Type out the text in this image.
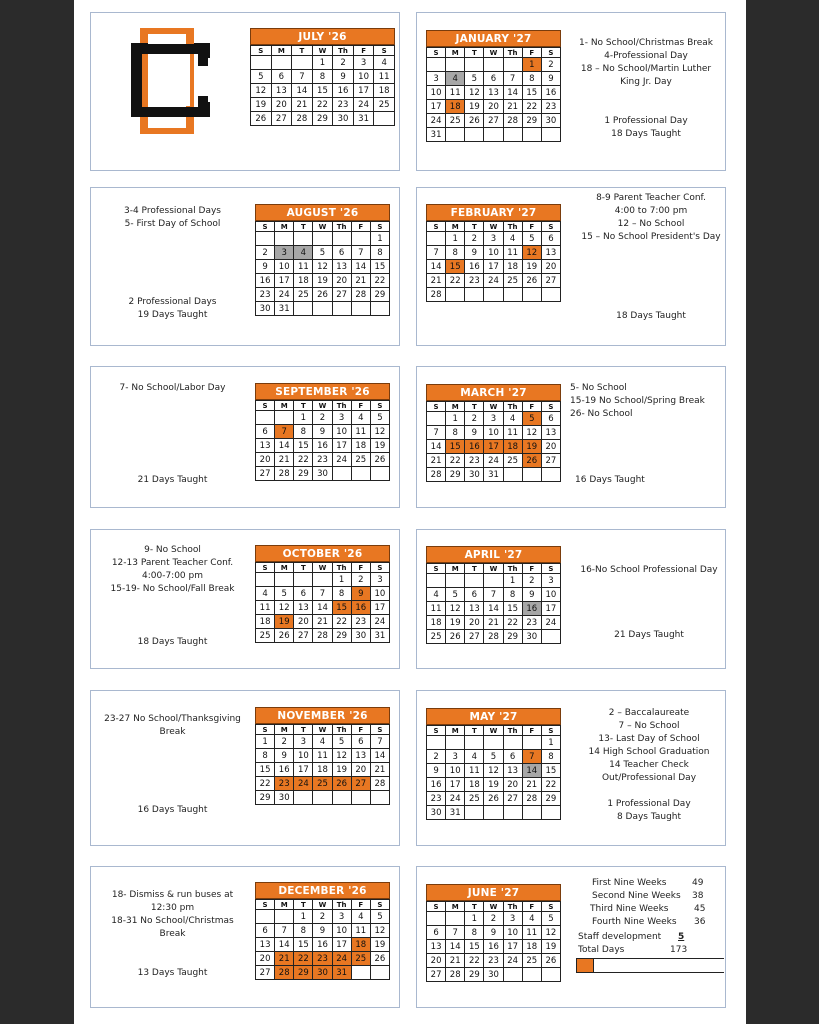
JULY '26
S	M	T	W	Th	F	S
			1	2	3	4
5	6	7	8	9	10	11
12	13	14	15	16	17	18
19	20	21	22	23	24	25
26	27	28	29	30	31	
JANUARY '27
S	M	T	W	Th	F	S
					1	2
3	4	5	6	7	8	9
10	11	12	13	14	15	16
17	18	19	20	21	22	23
24	25	26	27	28	29	30
31						
AUGUST '26
S	M	T	W	Th	F	S
						1
2	3	4	5	6	7	8
9	10	11	12	13	14	15
16	17	18	19	20	21	22
23	24	25	26	27	28	29
30	31					
FEBRUARY '27
S	M	T	W	Th	F	S
	1	2	3	4	5	6
7	8	9	10	11	12	13
14	15	16	17	18	19	20
21	22	23	24	25	26	27
28						
SEPTEMBER '26
S	M	T	W	Th	F	S
		1	2	3	4	5
6	7	8	9	10	11	12
13	14	15	16	17	18	19
20	21	22	23	24	25	26
27	28	29	30			
MARCH '27
S	M	T	W	Th	F	S
	1	2	3	4	5	6
7	8	9	10	11	12	13
14	15	16	17	18	19	20
21	22	23	24	25	26	27
28	29	30	31			
OCTOBER '26
S	M	T	W	Th	F	S
				1	2	3
4	5	6	7	8	9	10
11	12	13	14	15	16	17
18	19	20	21	22	23	24
25	26	27	28	29	30	31
APRIL '27
S	M	T	W	Th	F	S
				1	2	3
4	5	6	7	8	9	10
11	12	13	14	15	16	17
18	19	20	21	22	23	24
25	26	27	28	29	30	
NOVEMBER '26
S	M	T	W	Th	F	S
1	2	3	4	5	6	7
8	9	10	11	12	13	14
15	16	17	18	19	20	21
22	23	24	25	26	27	28
29	30					
MAY '27
S	M	T	W	Th	F	S
						1
2	3	4	5	6	7	8
9	10	11	12	13	14	15
16	17	18	19	20	21	22
23	24	25	26	27	28	29
30	31					
DECEMBER '26
S	M	T	W	Th	F	S
		1	2	3	4	5
6	7	8	9	10	11	12
13	14	15	16	17	18	19
20	21	22	23	24	25	26
27	28	29	30	31		
JUNE '27
S	M	T	W	Th	F	S
		1	2	3	4	5
6	7	8	9	10	11	12
13	14	15	16	17	18	19
20	21	22	23	24	25	26
27	28	29	30			
1- No School/Christmas Break
4-Professional Day
18 – No School/Martin Luther
King Jr. Day
1 Professional Day
18 Days Taught
3-4 Professional Days
5- First Day of School
2 Professional Days
19 Days Taught
8-9 Parent Teacher Conf.
4:00 to 7:00 pm
12 – No School
15 – No School President's Day
18 Days Taught
7- No School/Labor Day
21 Days Taught
5- No School
15-19 No School/Spring Break
26- No School
16 Days Taught
9- No School
12-13 Parent Teacher Conf.
4:00-7:00 pm
15-19- No School/Fall Break
18 Days Taught
16-No School Professional Day
21 Days Taught
23-27 No School/Thanksgiving
Break
16 Days Taught
2 – Baccalaureate
7 – No School
13- Last Day of School
14 High School Graduation
14 Teacher Check
Out/Professional Day
1 Professional Day
8 Days Taught
18- Dismiss & run buses at
12:30 pm
18-31 No School/Christmas
Break
13 Days Taught
First Nine Weeks	49
Second Nine Weeks 38
Third Nine Weeks	45
Fourth Nine Weeks 36
Staff development 5
Total Days	173
